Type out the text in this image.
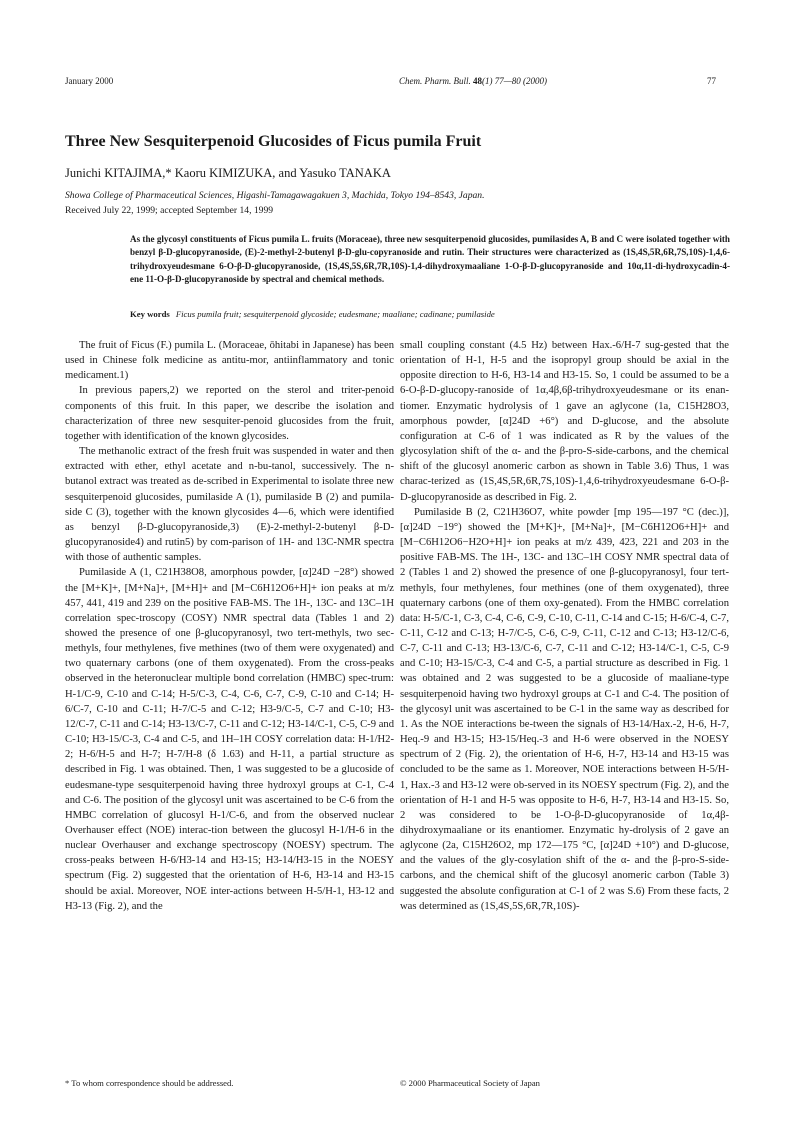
January 2000	Chem. Pharm. Bull. 48(1) 77—80 (2000)	77
Three New Sesquiterpenoid Glucosides of Ficus pumila Fruit
Junichi KITAJIMA,* Kaoru KIMIZUKA, and Yasuko TANAKA
Showa College of Pharmaceutical Sciences, Higashi-Tamagawagakuen 3, Machida, Tokyo 194–8543, Japan.
Received July 22, 1999; accepted September 14, 1999
As the glycosyl constituents of Ficus pumila L. fruits (Moraceae), three new sesquiterpenoid glucosides, pumilasides A, B and C were isolated together with benzyl β-D-glucopyranoside, (E)-2-methyl-2-butenyl β-D-glu-copyranoside and rutin. Their structures were characterized as (1S,4S,5R,6R,7S,10S)-1,4,6-trihydroxyeudesmane 6-O-β-D-glucopyranoside, (1S,4S,5S,6R,7R,10S)-1,4-dihydroxymaaliane 1-O-β-D-glucopyranoside and 10α,11-di-hydroxycadin-4-ene 11-O-β-D-glucopyranoside by spectral and chemical methods.
Key words Ficus pumila fruit; sesquiterpenoid glycoside; eudesmane; maaliane; cadinane; pumilaside

The fruit of Ficus (F.) pumila L. (Moraceae, ōhitabi in Japanese) has been used in Chinese folk medicine as antitu-mor, antiinflammatory and tonic medicament.1)

In previous papers,2) we reported on the sterol and triter-penoid components of this fruit. In this paper, we describe the isolation and characterization of three new sesquiter-penoid glucosides from the fruit, together with identification of the known glycosides.

The methanolic extract of the fresh fruit was suspended in water and then extracted with ether, ethyl acetate and n-bu-tanol, successively. The n-butanol extract was treated as de-scribed in Experimental to isolate three new sesquiterpenoid glucosides, pumilaside A (1), pumilaside B (2) and pumila-side C (3), together with the known glycosides 4—6, which were identified as benzyl β-D-glucopyranoside,3) (E)-2-methyl-2-butenyl β-D-glucopyranoside4) and rutin5) by com-parison of 1H- and 13C-NMR spectra with those of authentic samples.

Pumilaside A (1, C21H38O8, amorphous powder, [α]24D −28°) showed the [M+K]+, [M+Na]+, [M+H]+ and [M−C6H12O6+H]+ ion peaks at m/z 457, 441, 419 and 239 on the positive FAB-MS. The 1H-, 13C- and 13C–1H correlation spec-troscopy (COSY) NMR spectral data (Tables 1 and 2) showed the presence of one β-glucopyranosyl, two tert-methyls, two sec-methyls, four methylenes, five methines (two of them were oxygenated) and two quaternary carbons (one of them oxygenated). From the cross-peaks observed in the heteronuclear multiple bond correlation (HMBC) spec-trum: H-1/C-9, C-10 and C-14; H-5/C-3, C-4, C-6, C-7, C-9, C-10 and C-14; H-6/C-7, C-10 and C-11; H-7/C-5 and C-12; H3-9/C-5, C-7 and C-10; H3-12/C-7, C-11 and C-14; H3-13/C-7, C-11 and C-12; H3-14/C-1, C-5, C-9 and C-10; H3-15/C-3, C-4 and C-5, and 1H–1H COSY correlation data: H-1/H2-2; H-6/H-5 and H-7; H-7/H-8 (δ 1.63) and H-11, a partial structure as described in Fig. 1 was obtained. Then, 1 was suggested to be a glucoside of eudesmane-type sesquiterpenoid having three hydroxyl groups at C-1, C-4 and C-6. The position of the glycosyl unit was ascertained to be C-6 from the HMBC correlation of glucosyl H-1/C-6, and from the observed nuclear Overhauser effect (NOE) interac-tion between the glucosyl H-1/H-6 in the nuclear Overhauser and exchange spectroscopy (NOESY) spectrum. The cross-peaks between H-6/H3-14 and H3-15; H3-14/H3-15 in the NOESY spectrum (Fig. 2) suggested that the orientation of H-6, H3-14 and H3-15 should be axial. Moreover, NOE inter-actions between H-5/H-1, H3-12 and H3-13 (Fig. 2), and the

small coupling constant (4.5 Hz) between Hax.-6/H-7 sug-gested that the orientation of H-1, H-5 and the isopropyl group should be axial in the opposite direction to H-6, H3-14 and H3-15. So, 1 could be assumed to be a 6-O-β-D-glucopy-ranoside of 1α,4β,6β-trihydroxyeudesmane or its enan-tiomer. Enzymatic hydrolysis of 1 gave an aglycone (1a, C15H28O3, amorphous powder, [α]24D +6°) and D-glucose, and the absolute configuration at C-6 of 1 was indicated as R by the values of the glycosylation shift of the α- and the β-pro-S-side-carbons, and the chemical shift of the glucosyl anomeric carbon as shown in Table 3.6) Thus, 1 was charac-terized as (1S,4S,5R,6R,7S,10S)-1,4,6-trihydroxyeudesmane 6-O-β-D-glucopyranoside as described in Fig. 2.

Pumilaside B (2, C21H36O7, white powder [mp 195—197 °C (dec.)], [α]24D −19°) showed the [M+K]+, [M+Na]+, [M−C6H12O6+H]+ and [M−C6H12O6−H2O+H]+ ion peaks at m/z 439, 423, 221 and 203 in the positive FAB-MS. The 1H-, 13C- and 13C–1H COSY NMR spectral data of 2 (Tables 1 and 2) showed the presence of one β-glucopyranosyl, four tert-methyls, four methylenes, four methines (one of them oxygenated), three quaternary carbons (one of them oxy-genated). From the HMBC correlation data: H-5/C-1, C-3, C-4, C-6, C-9, C-10, C-11, C-14 and C-15; H-6/C-4, C-7, C-11, C-12 and C-13; H-7/C-5, C-6, C-9, C-11, C-12 and C-13; H3-12/C-6, C-7, C-11 and C-13; H3-13/C-6, C-7, C-11 and C-12; H3-14/C-1, C-5, C-9 and C-10; H3-15/C-3, C-4 and C-5, a partial structure as described in Fig. 1 was obtained and 2 was suggested to be a glucoside of maaliane-type sesquiterpenoid having two hydroxyl groups at C-1 and C-4. The position of the glycosyl unit was ascertained to be C-1 in the same way as described for 1. As the NOE interactions be-tween the signals of H3-14/Hax.-2, H-6, H-7, Heq.-9 and H3-15; H3-15/Heq.-3 and H-6 were observed in the NOESY spectrum of 2 (Fig. 2), the orientation of H-6, H-7, H3-14 and H3-15 was concluded to be the same as 1. Moreover, NOE interactions between H-5/H-1, Hax.-3 and H3-12 were ob-served in its NOESY spectrum (Fig. 2), and the orientation of H-1 and H-5 was opposite to H-6, H-7, H3-14 and H3-15. So, 2 was considered to be 1-O-β-D-glucopyranoside of 1α,4β-dihydroxymaaliane or its enantiomer. Enzymatic hy-drolysis of 2 gave an aglycone (2a, C15H26O2, mp 172—175 °C, [α]24D +10°) and D-glucose, and the values of the gly-cosylation shift of the α- and the β-pro-S-side-carbons, and the chemical shift of the glucosyl anomeric carbon (Table 3) suggested the absolute configuration at C-1 of 2 was S.6) From these facts, 2 was determined as (1S,4S,5S,6R,7R,10S)-

* To whom correspondence should be addressed.	© 2000 Pharmaceutical Society of Japan
